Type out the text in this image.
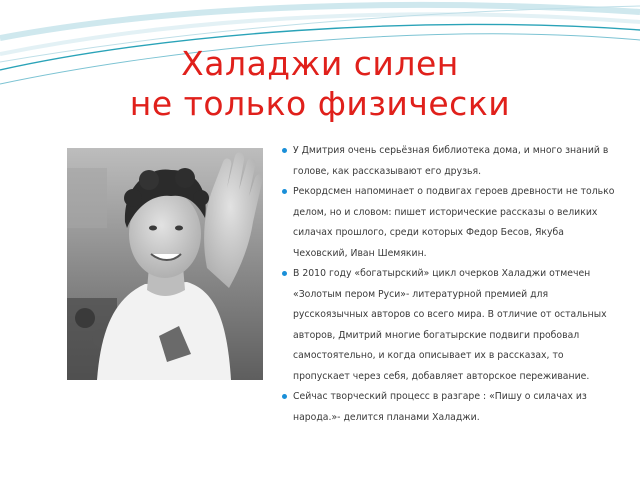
Халаджи силен
не только физически
У Дмитрия очень серьёзная библиотека дома, и много знаний в голове, как рассказывают его друзья.
Рекордсмен напоминает о подвигах героев древности не только делом, но и словом: пишет исторические рассказы о великих силачах прошлого, среди которых Федор Бесов, Якуба Чеховский, Иван Шемякин.
В 2010 году «богатырский» цикл очерков Халаджи отмечен «Золотым пером Руси»- литературной премией для русскоязычных авторов со всего мира. В отличие от остальных авторов, Дмитрий многие богатырские подвиги пробовал самостоятельно, и когда описывает их в рассказах, то пропускает через себя, добавляет авторское переживание.
Сейчас творческий процесс в разгаре : «Пишу о силачах из народа.»- делится планами Халаджи.
